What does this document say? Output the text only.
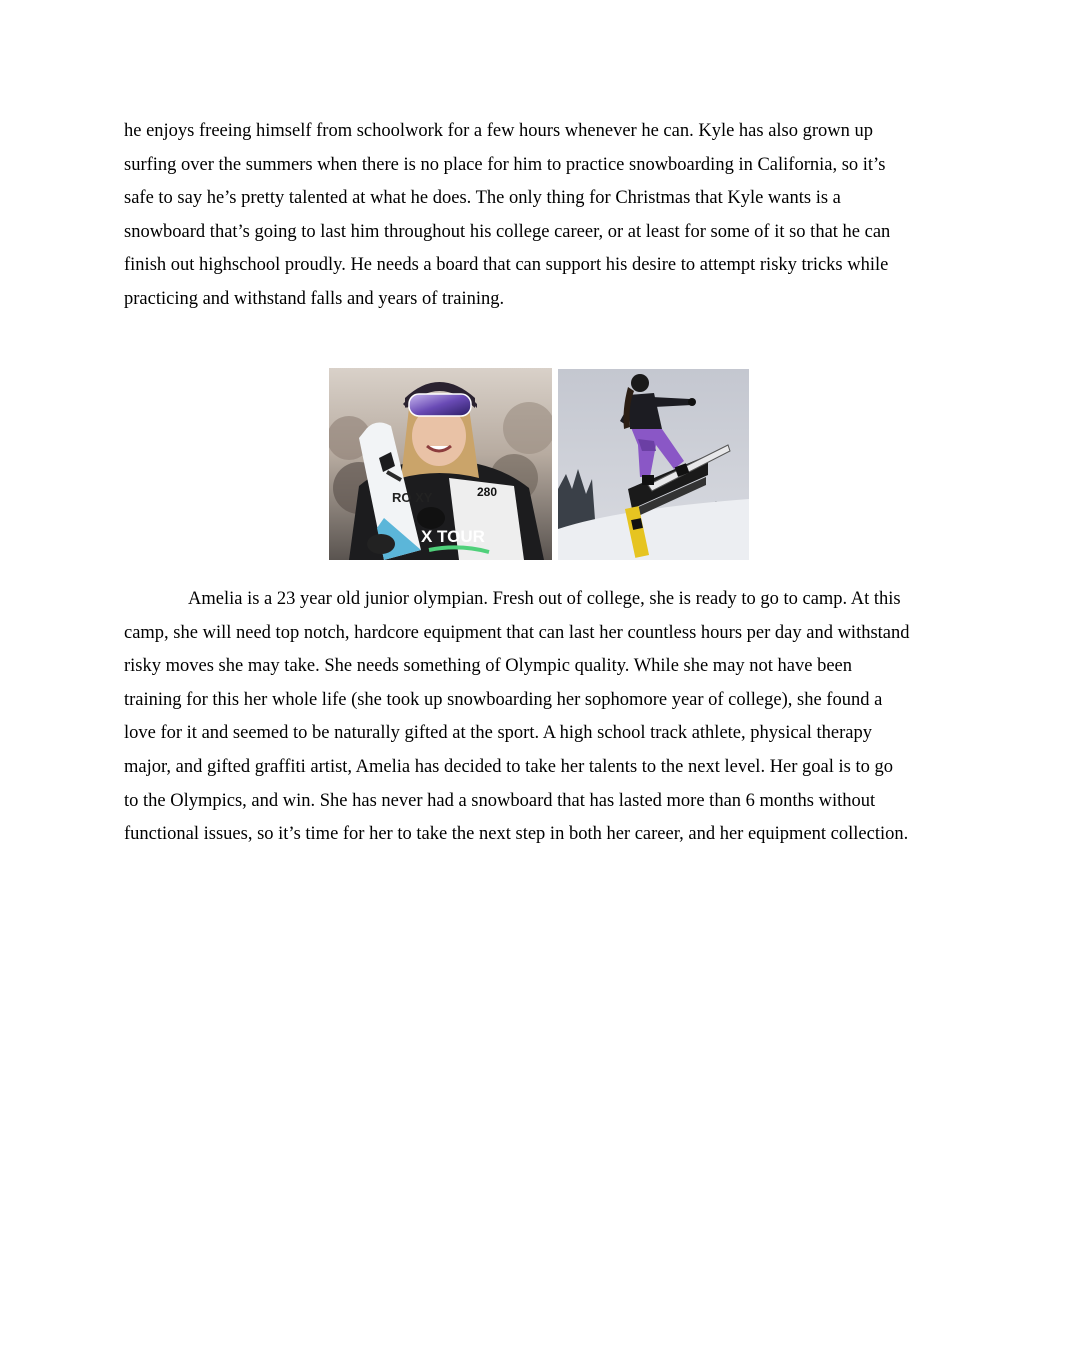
he enjoys freeing himself from schoolwork for a few hours whenever he can. Kyle has also grown up
surfing over the summers when there is no place for him to practice snowboarding in California, so it’s
safe to say he’s pretty talented at what he does. The only thing for Christmas that Kyle wants is a
snowboard that’s going to last him throughout his college career, or at least for some of it so that he can
finish out highschool proudly. He needs a board that can support his desire to attempt risky tricks while
practicing and withstand falls and years of training.

RO XY	280
X TOUR

Amelia is a 23 year old junior olympian. Fresh out of college, she is ready to go to camp. At this
camp, she will need top notch, hardcore equipment that can last her countless hours per day and withstand
risky moves she may take. She needs something of Olympic quality. While she may not have been
training for this her whole life (she took up snowboarding her sophomore year of college), she found a
love for it and seemed to be naturally gifted at the sport. A high school track athlete, physical therapy
major, and gifted graffiti artist, Amelia has decided to take her talents to the next level. Her goal is to go
to the Olympics, and win. She has never had a snowboard that has lasted more than 6 months without
functional issues, so it’s time for her to take the next step in both her career, and her equipment collection.
